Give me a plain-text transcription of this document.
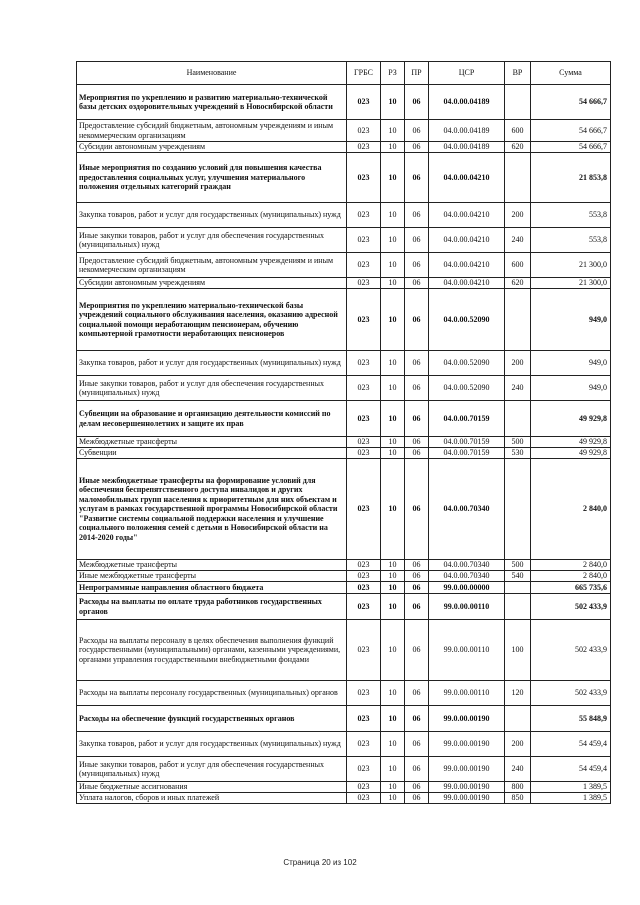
Наименование	ГРБС	РЗ	ПР	ЦСР	ВР	Сумма
Мероприятия по укреплению и развитию материально-технической базы детских оздоровительных учреждений в Новосибирской области	023	10	06	04.0.00.04189		54 666,7
Предоставление субсидий бюджетным, автономным учреждениям и иным некоммерческим организациям	023	10	06	04.0.00.04189	600	54 666,7
Субсидии автономным учреждениям	023	10	06	04.0.00.04189	620	54 666,7
Иные мероприятия по созданию условий для повышения качества предоставления социальных услуг, улучшения материального положения отдельных категорий граждан	023	10	06	04.0.00.04210		21 853,8
Закупка товаров, работ и услуг для государственных (муниципальных) нужд	023	10	06	04.0.00.04210	200	553,8
Иные закупки товаров, работ и услуг для обеспечения государственных (муниципальных) нужд	023	10	06	04.0.00.04210	240	553,8
Предоставление субсидий бюджетным, автономным учреждениям и иным некоммерческим организациям	023	10	06	04.0.00.04210	600	21 300,0
Субсидии автономным учреждениям	023	10	06	04.0.00.04210	620	21 300,0
Мероприятия по укреплению материально-технической базы учреждений социального обслуживания населения, оказанию адресной социальной помощи неработающим пенсионерам, обучению компьютерной грамотности неработающих пенсионеров	023	10	06	04.0.00.52090		949,0
Закупка товаров, работ и услуг для государственных (муниципальных) нужд	023	10	06	04.0.00.52090	200	949,0
Иные закупки товаров, работ и услуг для обеспечения государственных (муниципальных) нужд	023	10	06	04.0.00.52090	240	949,0
Субвенции на образование и организацию деятельности комиссий по делам несовершеннолетних и защите их прав	023	10	06	04.0.00.70159		49 929,8
Межбюджетные трансферты	023	10	06	04.0.00.70159	500	49 929,8
Субвенции	023	10	06	04.0.00.70159	530	49 929,8
Иные межбюджетные трансферты на формирование условий для обеспечения беспрепятственного доступа инвалидов и других маломобильных групп населения к приоритетным для них объектам и услугам в рамках государственной программы Новосибирской области "Развитие системы социальной поддержки населения и улучшение социального положения семей с детьми в Новосибирской области на 2014-2020 годы"	023	10	06	04.0.00.70340		2 840,0
Межбюджетные трансферты	023	10	06	04.0.00.70340	500	2 840,0
Иные межбюджетные трансферты	023	10	06	04.0.00.70340	540	2 840,0
Непрограммные направления областного бюджета	023	10	06	99.0.00.00000		665 735,6
Расходы на выплаты по оплате труда работников государственных органов	023	10	06	99.0.00.00110		502 433,9
Расходы на выплаты персоналу в целях обеспечения выполнения функций государственными (муниципальными) органами, казенными учреждениями, органами управления государственными внебюджетными фондами	023	10	06	99.0.00.00110	100	502 433,9
Расходы на выплаты персоналу государственных (муниципальных) органов	023	10	06	99.0.00.00110	120	502 433,9
Расходы на обеспечение функций государственных органов	023	10	06	99.0.00.00190		55 848,9
Закупка товаров, работ и услуг для государственных (муниципальных) нужд	023	10	06	99.0.00.00190	200	54 459,4
Иные закупки товаров, работ и услуг для обеспечения государственных (муниципальных) нужд	023	10	06	99.0.00.00190	240	54 459,4
Иные бюджетные ассигнования	023	10	06	99.0.00.00190	800	1 389,5
Уплата налогов, сборов и иных платежей	023	10	06	99.0.00.00190	850	1 389,5
Страница 20 из 102
